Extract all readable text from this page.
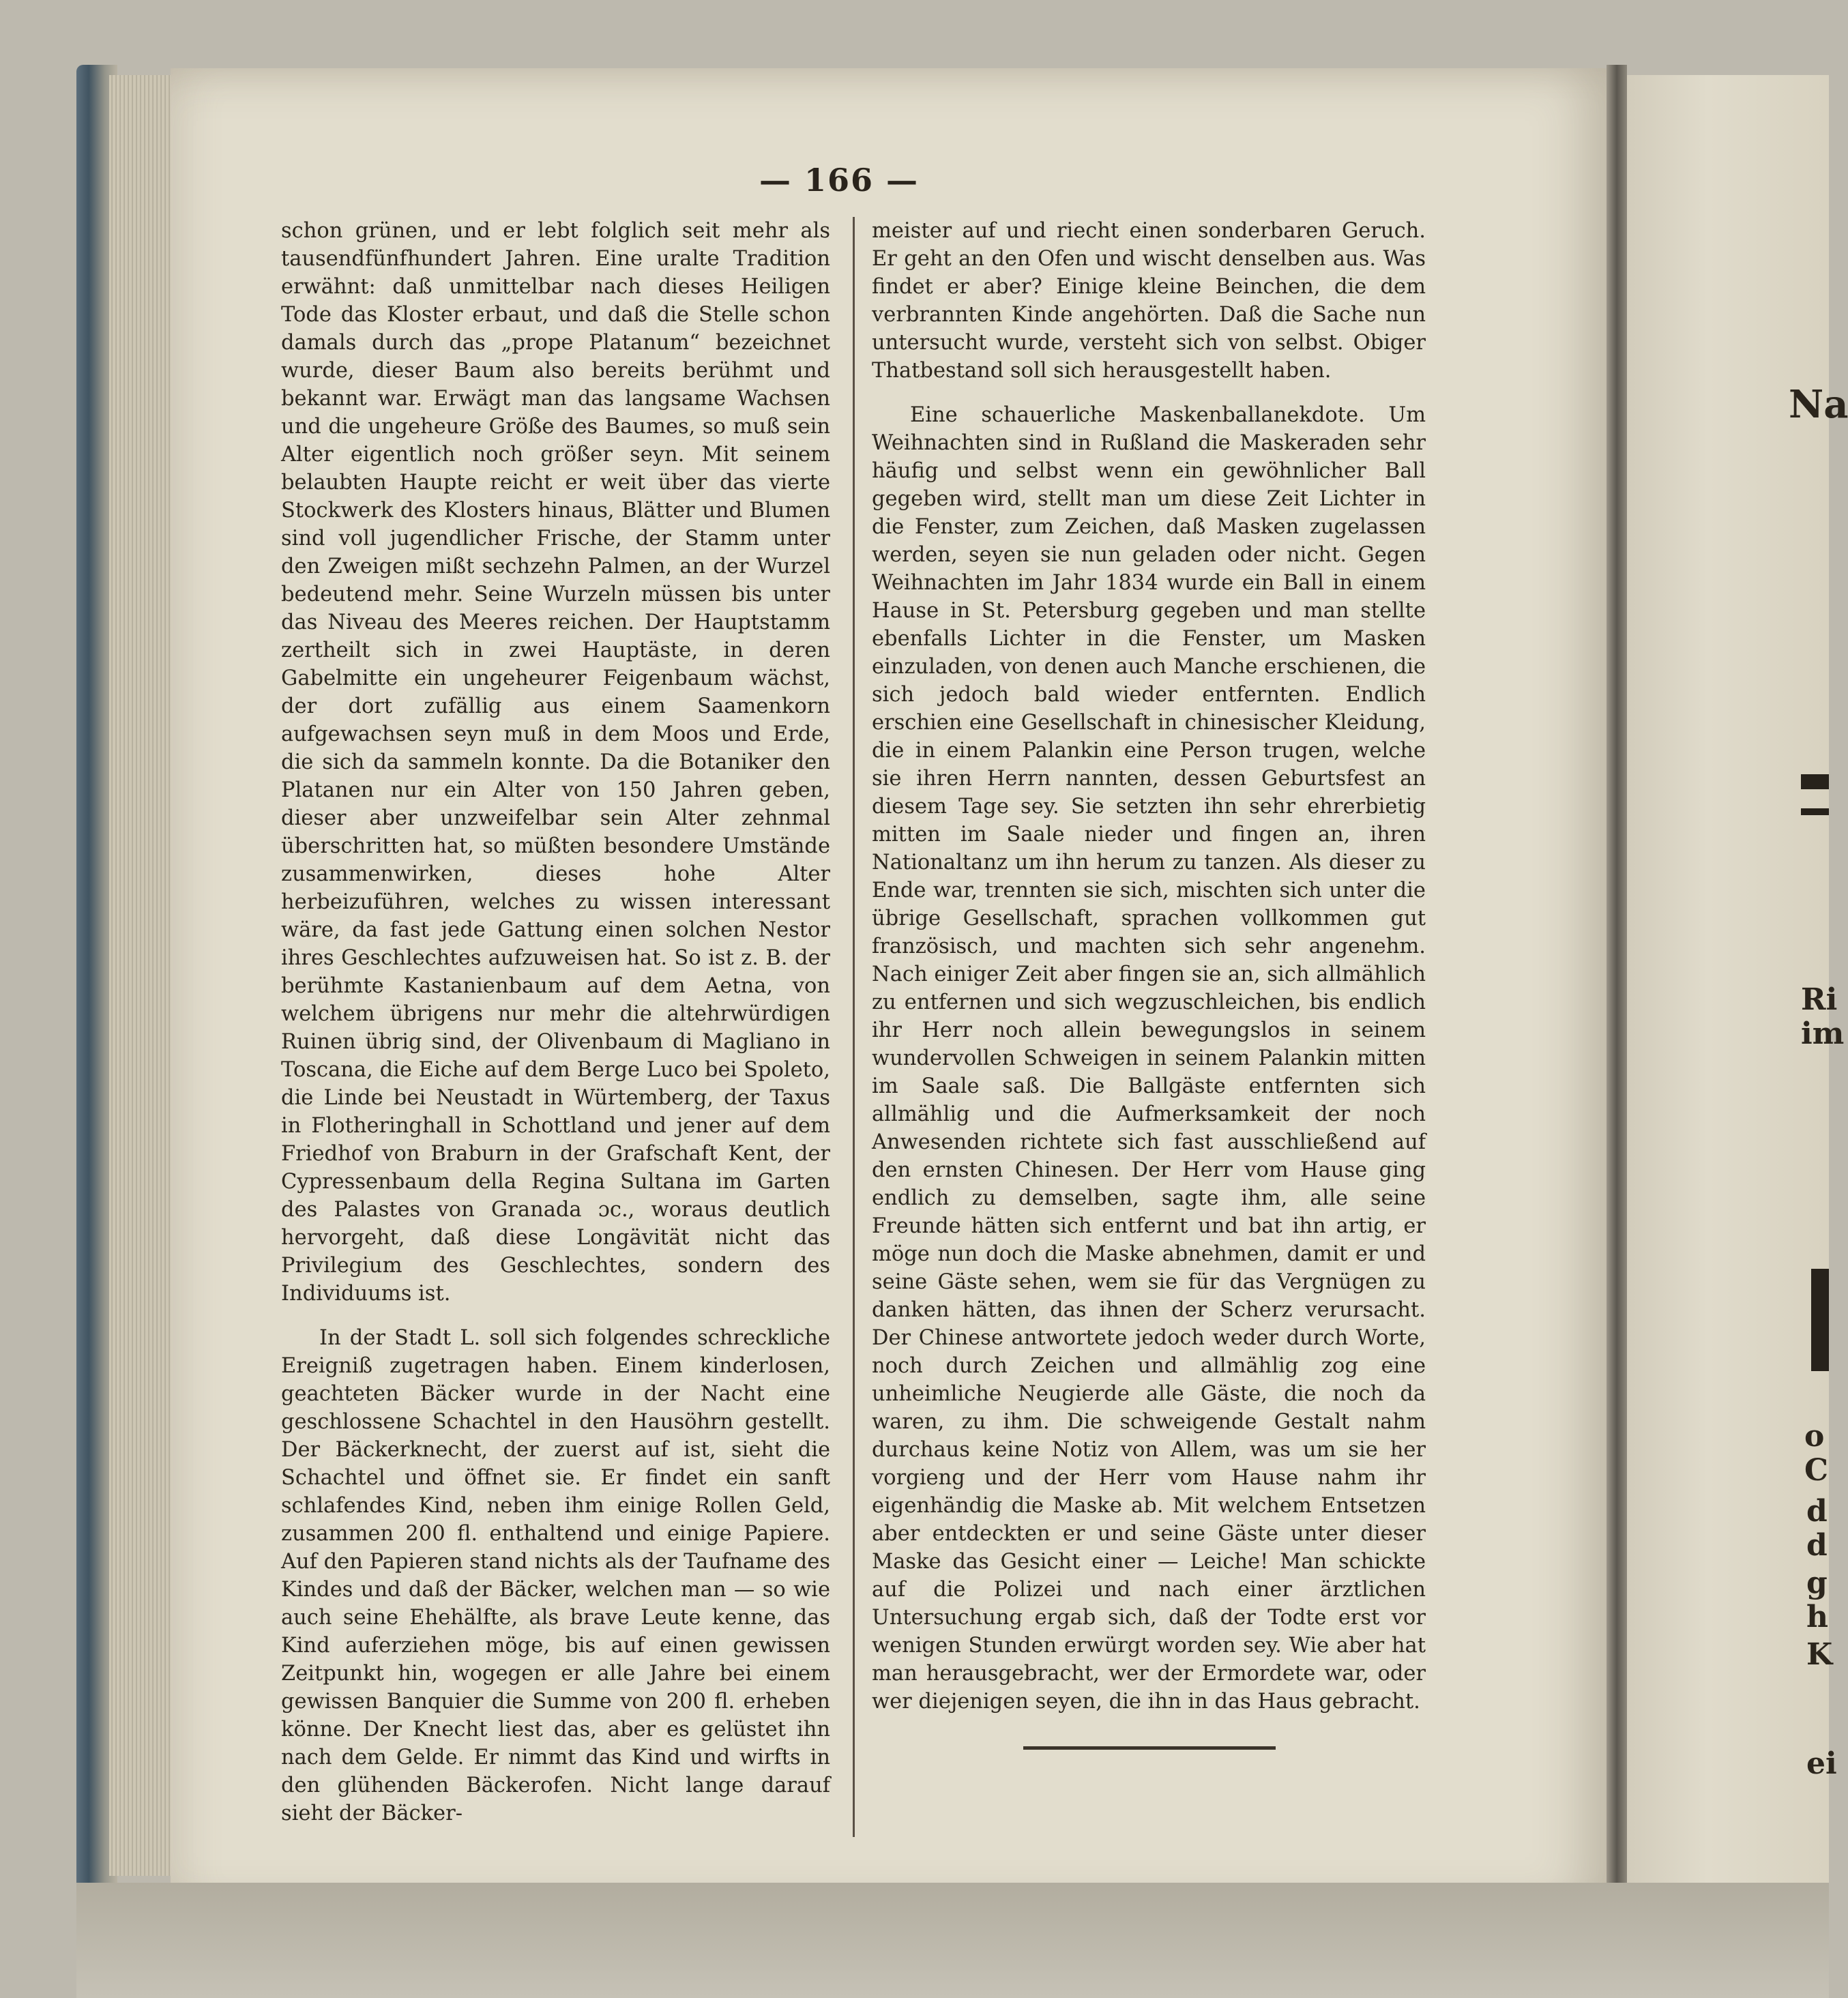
— 166 —

schon grünen, und er lebt folglich seit mehr als tausendfünfhundert Jahren. Eine uralte Tradition erwähnt: daß unmittelbar nach dieses Heiligen Tode das Kloster erbaut, und daß die Stelle schon damals durch das „prope Platanum“ bezeichnet wurde, dieser Baum also bereits berühmt und bekannt war. Erwägt man das langsame Wachsen und die ungeheure Größe des Baumes, so muß sein Alter eigentlich noch größer seyn. Mit seinem belaubten Haupte reicht er weit über das vierte Stockwerk des Klosters hinaus, Blätter und Blumen sind voll jugendlicher Frische, der Stamm unter den Zweigen mißt sechzehn Palmen, an der Wurzel bedeutend mehr. Seine Wurzeln müssen bis unter das Niveau des Meeres reichen. Der Hauptstamm zertheilt sich in zwei Hauptäste, in deren Gabelmitte ein ungeheurer Feigenbaum wächst, der dort zufällig aus einem Saamenkorn aufgewachsen seyn muß in dem Moos und Erde, die sich da sammeln konnte. Da die Botaniker den Platanen nur ein Alter von 150 Jahren geben, dieser aber unzweifelbar sein Alter zehnmal überschritten hat, so müßten besondere Umstände zusammenwirken, dieses hohe Alter herbeizuführen, welches zu wissen interessant wäre, da fast jede Gattung einen solchen Nestor ihres Geschlechtes aufzuweisen hat. So ist z. B. der berühmte Kastanienbaum auf dem Aetna, von welchem übrigens nur mehr die altehrwürdigen Ruinen übrig sind, der Olivenbaum di Magliano in Toscana, die Eiche auf dem Berge Luco bei Spoleto, die Linde bei Neustadt in Würtemberg, der Taxus in Flotheringhall in Schottland und jener auf dem Friedhof von Braburn in der Grafschaft Kent, der Cypressenbaum della Regina Sultana im Garten des Palastes von Granada ɔc., woraus deutlich hervorgeht, daß diese Longävität nicht das Privilegium des Geschlechtes, sondern des Individuums ist.

In der Stadt L. soll sich folgendes schreckliche Ereigniß zugetragen haben. Einem kinderlosen, geachteten Bäcker wurde in der Nacht eine geschlossene Schachtel in den Hausöhrn gestellt. Der Bäckerknecht, der zuerst auf ist, sieht die Schachtel und öffnet sie. Er findet ein sanft schlafendes Kind, neben ihm einige Rollen Geld, zusammen 200 fl. enthaltend und einige Papiere. Auf den Papieren stand nichts als der Taufname des Kindes und daß der Bäcker, welchen man — so wie auch seine Ehehälfte, als brave Leute kenne, das Kind auferziehen möge, bis auf einen gewissen Zeitpunkt hin, wogegen er alle Jahre bei einem gewissen Banquier die Summe von 200 fl. erheben könne. Der Knecht liest das, aber es gelüstet ihn nach dem Gelde. Er nimmt das Kind und wirfts in den glühenden Bäckerofen. Nicht lange darauf sieht der Bäcker-

meister auf und riecht einen sonderbaren Geruch. Er geht an den Ofen und wischt denselben aus. Was findet er aber? Einige kleine Beinchen, die dem verbrannten Kinde angehörten. Daß die Sache nun untersucht wurde, versteht sich von selbst. Obiger Thatbestand soll sich herausgestellt haben.

Eine schauerliche Maskenballanekdote. Um Weihnachten sind in Rußland die Maskeraden sehr häufig und selbst wenn ein gewöhnlicher Ball gegeben wird, stellt man um diese Zeit Lichter in die Fenster, zum Zeichen, daß Masken zugelassen werden, seyen sie nun geladen oder nicht. Gegen Weihnachten im Jahr 1834 wurde ein Ball in einem Hause in St. Petersburg gegeben und man stellte ebenfalls Lichter in die Fenster, um Masken einzuladen, von denen auch Manche erschienen, die sich jedoch bald wieder entfernten. Endlich erschien eine Gesellschaft in chinesischer Kleidung, die in einem Palankin eine Person trugen, welche sie ihren Herrn nannten, dessen Geburtsfest an diesem Tage sey. Sie setzten ihn sehr ehrerbietig mitten im Saale nieder und fingen an, ihren Nationaltanz um ihn herum zu tanzen. Als dieser zu Ende war, trennten sie sich, mischten sich unter die übrige Gesellschaft, sprachen vollkommen gut französisch, und machten sich sehr angenehm. Nach einiger Zeit aber fingen sie an, sich allmählich zu entfernen und sich wegzuschleichen, bis endlich ihr Herr noch allein bewegungslos in seinem wundervollen Schweigen in seinem Palankin mitten im Saale saß. Die Ballgäste entfernten sich allmählig und die Aufmerksamkeit der noch Anwesenden richtete sich fast ausschließend auf den ernsten Chinesen. Der Herr vom Hause ging endlich zu demselben, sagte ihm, alle seine Freunde hätten sich entfernt und bat ihn artig, er möge nun doch die Maske abnehmen, damit er und seine Gäste sehen, wem sie für das Vergnügen zu danken hätten, das ihnen der Scherz verursacht. Der Chinese antwortete jedoch weder durch Worte, noch durch Zeichen und allmählig zog eine unheimliche Neugierde alle Gäste, die noch da waren, zu ihm. Die schweigende Gestalt nahm durchaus keine Notiz von Allem, was um sie her vorgieng und der Herr vom Hause nahm ihr eigenhändig die Maske ab. Mit welchem Entsetzen aber entdeckten er und seine Gäste unter dieser Maske das Gesicht einer — Leiche! Man schickte auf die Polizei und nach einer ärztlichen Untersuchung ergab sich, daß der Todte erst vor wenigen Stunden erwürgt worden sey. Wie aber hat man herausgebracht, wer der Ermordete war, oder wer diejenigen seyen, die ihn in das Haus gebracht.

Na
Ri
im
o
C
d
d
g
h
K
ei
